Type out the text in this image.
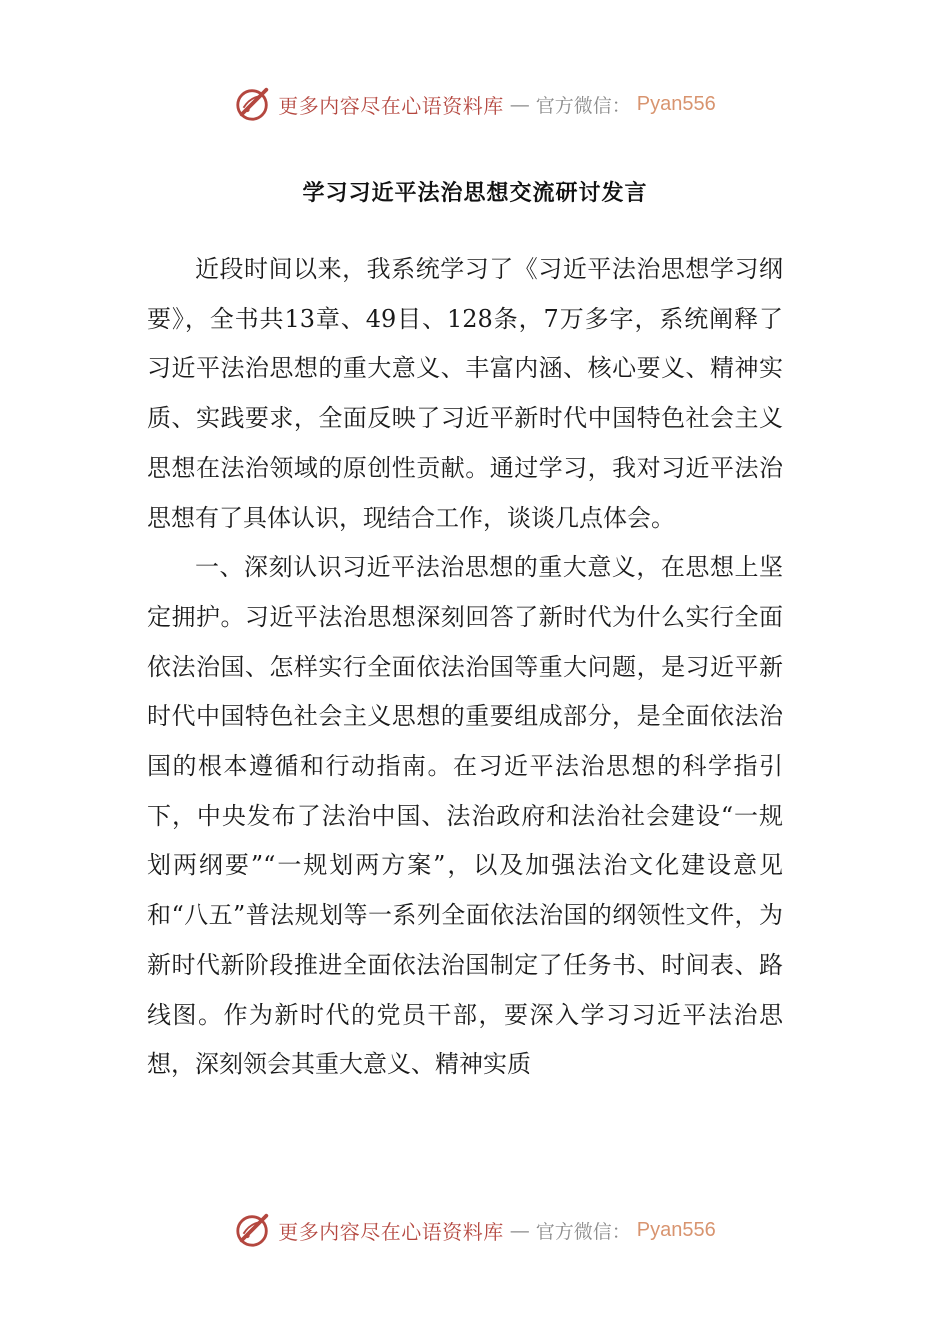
更多内容尽在心语资料库 — 官方微信： Pyan556
学习习近平法治思想交流研讨发言

近段时间以来，我系统学习了《习近平法治思想学习纲要》，全书共13章、49目、128条，7万多字，系统阐释了习近平法治思想的重大意义、丰富内涵、核心要义、精神实质、实践要求，全面反映了习近平新时代中国特色社会主义思想在法治领域的原创性贡献。通过学习，我对习近平法治思想有了具体认识，现结合工作，谈谈几点体会。

一、深刻认识习近平法治思想的重大意义，在思想上坚定拥护。习近平法治思想深刻回答了新时代为什么实行全面依法治国、怎样实行全面依法治国等重大问题，是习近平新时代中国特色社会主义思想的重要组成部分，是全面依法治国的根本遵循和行动指南。在习近平法治思想的科学指引下，中央发布了法治中国、法治政府和法治社会建设“一规划两纲要”“一规划两方案”，以及加强法治文化建设意见和“八五”普法规划等一系列全面依法治国的纲领性文件，为新时代新阶段推进全面依法治国制定了任务书、时间表、路线图。作为新时代的党员干部，要深入学习习近平法治思想，深刻领会其重大意义、精神实质

更多内容尽在心语资料库 — 官方微信： Pyan556
